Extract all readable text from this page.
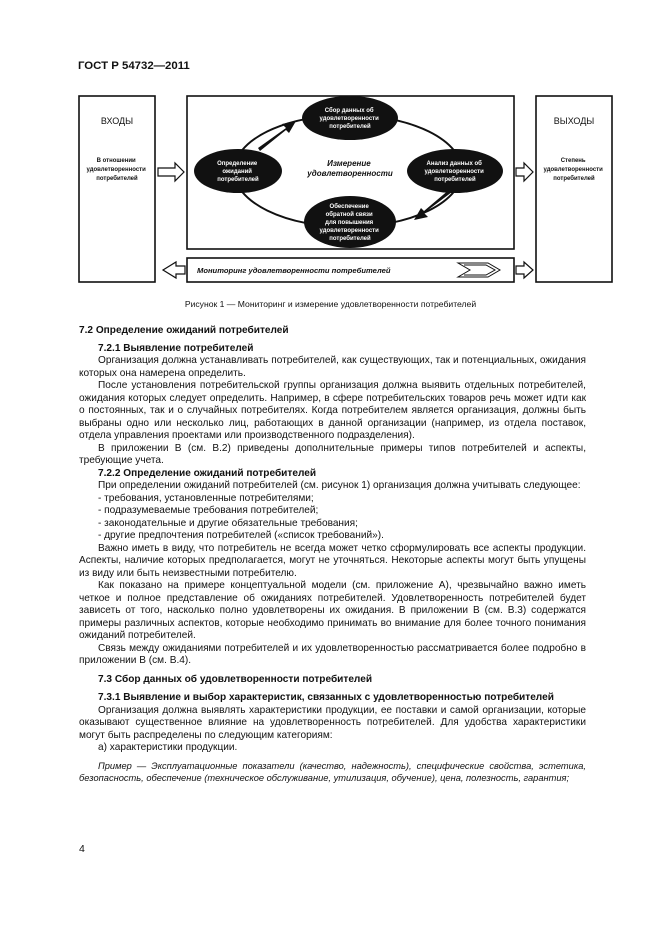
ГОСТ Р 54732—2011
ВХОДЫ
В отношении удовлетворенности потребителей
ВЫХОДЫ
Степень удовлетворенности потребителей
Измерение удовлетворенности
Сбор данных об удовлетворенности потребителей
Анализ данных об удовлетворенности потребителей
Обеспечение обратной связи для повышения удовлетворенности потребителей
Определение ожиданий потребителей
Мониторинг удовлетворенности потребителей
Рисунок 1 — Мониторинг и измерение удовлетворенности потребителей

7.2 Определение ожиданий потребителей

7.2.1 Выявление потребителей

Организация должна устанавливать потребителей, как существующих, так и потенциальных, ожидания которых она намерена определить.

После установления потребительской группы организация должна выявить отдельных потребителей, ожидания которых следует определить. Например, в сфере потребительских товаров речь может идти как о постоянных, так и о случайных потребителях. Когда потребителем является организация, должны быть выбраны одно или несколько лиц, работающих в данной организации (например, из отдела поставок, отдела управления проектами или производственного подразделения).

В приложении В (см. В.2) приведены дополнительные примеры типов потребителей и аспекты, требующие учета.

7.2.2 Определение ожиданий потребителей

При определении ожиданий потребителей (см. рисунок 1) организация должна учитывать следующее:

- требования, установленные потребителями;

- подразумеваемые требования потребителей;

- законодательные и другие обязательные требования;

- другие предпочтения потребителей («список требований»).

Важно иметь в виду, что потребитель не всегда может четко сформулировать все аспекты продукции. Аспекты, наличие которых предполагается, могут не уточняться. Некоторые аспекты могут быть упущены из виду или быть неизвестными потребителю.

Как показано на примере концептуальной модели (см. приложение А), чрезвычайно важно иметь четкое и полное представление об ожиданиях потребителей. Удовлетворенность потребителей будет зависеть от того, насколько полно удовлетворены их ожидания. В приложении В (см. В.3) содержатся примеры различных аспектов, которые необходимо принимать во внимание для более точного понимания ожиданий потребителей.

Связь между ожиданиями потребителей и их удовлетворенностью рассматривается более подробно в приложении В (см. В.4).

7.3 Сбор данных об удовлетворенности потребителей

7.3.1 Выявление и выбор характеристик, связанных с удовлетворенностью потребителей

Организация должна выявлять характеристики продукции, ее поставки и самой организации, которые оказывают существенное влияние на удовлетворенность потребителей. Для удобства характеристики могут быть распределены по следующим категориям:

а) характеристики продукции.

Пример — Эксплуатационные показатели (качество, надежность), специфические свойства, эстетика, безопасность, обеспечение (техническое обслуживание, утилизация, обучение), цена, полезность, гарантия;

4
